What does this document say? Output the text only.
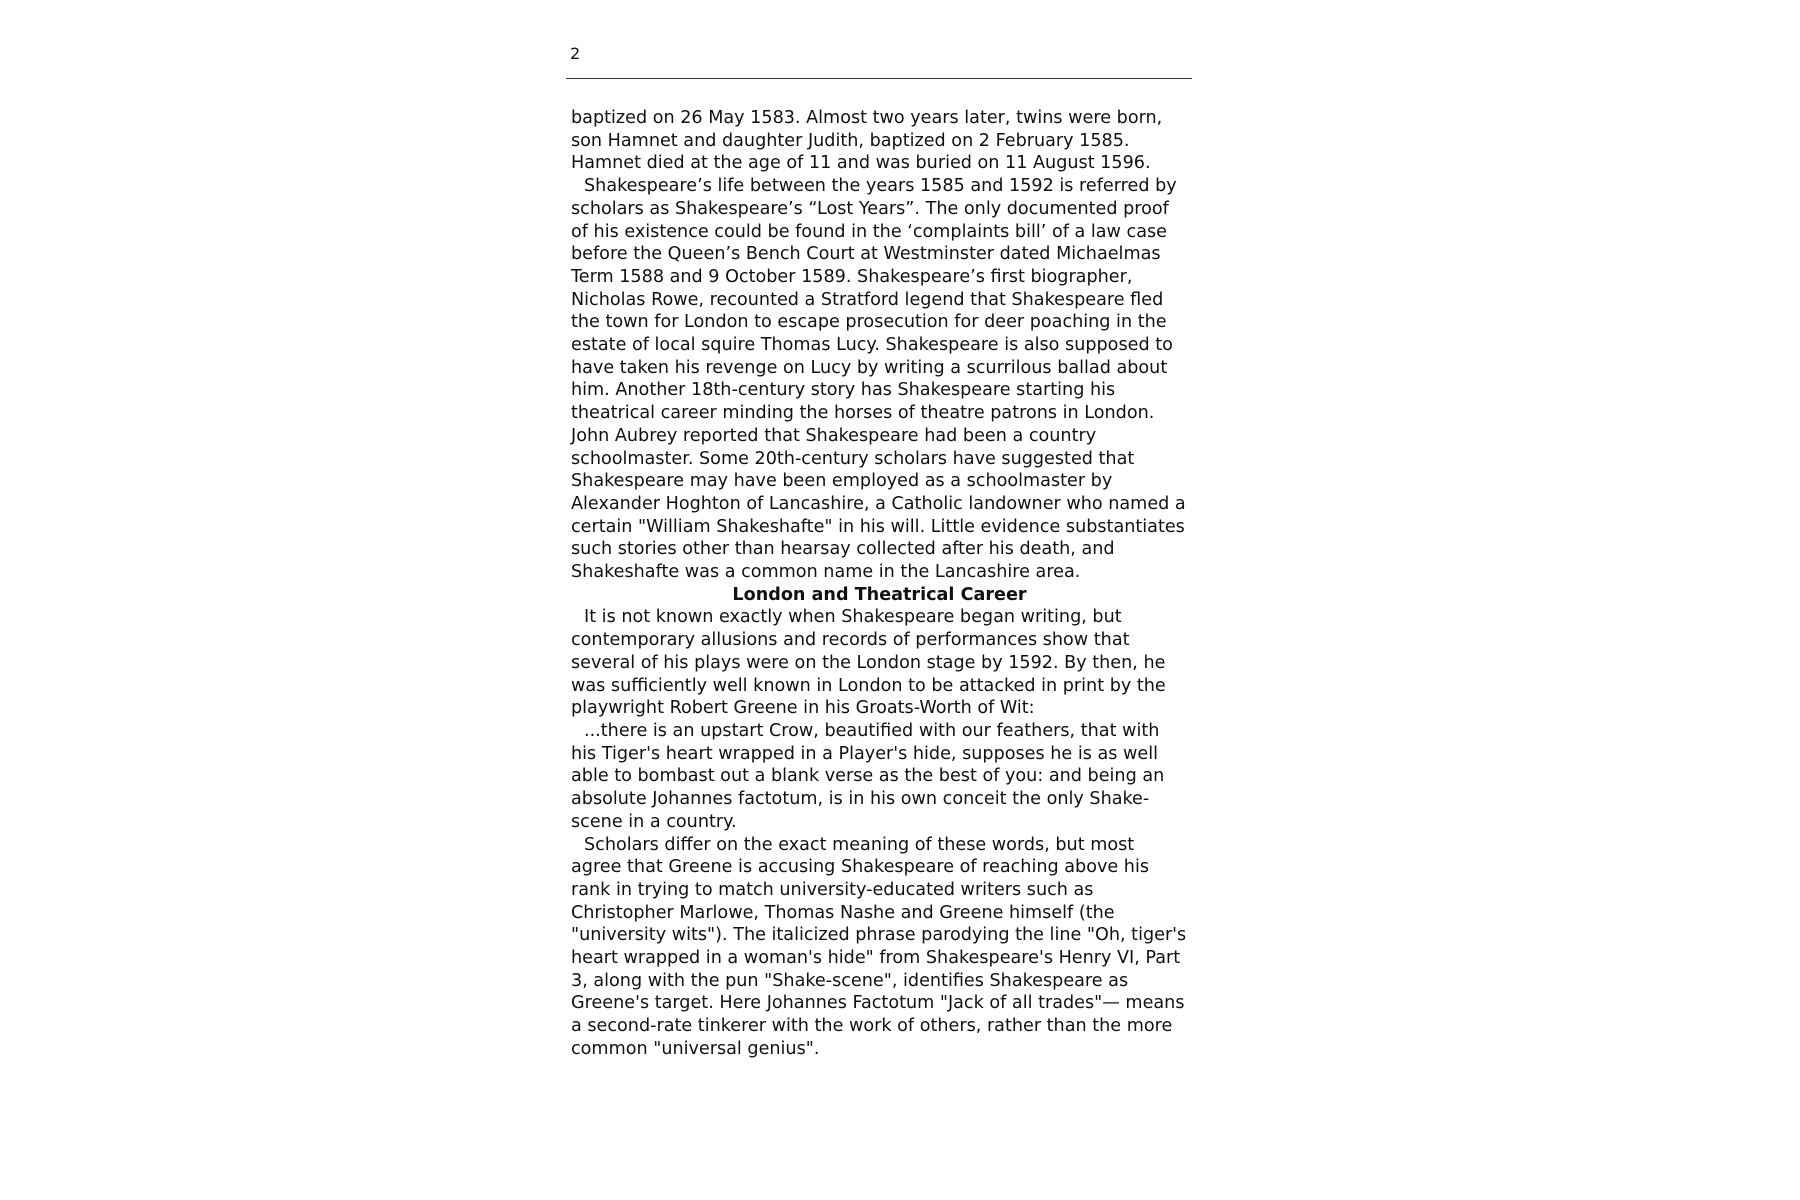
2

baptized on 26 May 1583. Almost two years later, twins were born, son Hamnet and daughter Judith, baptized on 2 February 1585. Hamnet died at the age of 11 and was buried on 11 August 1596.

Shakespeare’s life between the years 1585 and 1592 is referred by scholars as Shakespeare’s “Lost Years”. The only documented proof of his existence could be found in the ‘complaints bill’ of a law case before the Queen’s Bench Court at Westminster dated Michaelmas Term 1588 and 9 October 1589. Shakespeare’s first biographer, Nicholas Rowe, recounted a Stratford legend that Shakespeare fled the town for London to escape prosecution for deer poaching in the estate of local squire Thomas Lucy. Shakespeare is also supposed to have taken his revenge on Lucy by writing a scurrilous ballad about him. Another 18th-century story has Shakespeare starting his theatrical career minding the horses of theatre patrons in London. John Aubrey reported that Shakespeare had been a country schoolmaster. Some 20th-century scholars have suggested that Shakespeare may have been employed as a schoolmaster by Alexander Hoghton of Lancashire, a Catholic landowner who named a certain "William Shakeshafte" in his will. Little evidence substantiates such stories other than hearsay collected after his death, and Shakeshafte was a common name in the Lancashire area.

London and Theatrical Career

It is not known exactly when Shakespeare began writing, but contemporary allusions and records of performances show that several of his plays were on the London stage by 1592. By then, he was sufficiently well known in London to be attacked in print by the playwright Robert Greene in his Groats-Worth of Wit:

...there is an upstart Crow, beautified with our feathers, that with his Tiger's heart wrapped in a Player's hide, supposes he is as well able to bombast out a blank verse as the best of you: and being an absolute Johannes factotum, is in his own conceit the only Shake-scene in a country.

Scholars differ on the exact meaning of these words, but most agree that Greene is accusing Shakespeare of reaching above his rank in trying to match university-educated writers such as Christopher Marlowe, Thomas Nashe and Greene himself (the "university wits"). The italicized phrase parodying the line "Oh, tiger's heart wrapped in a woman's hide" from Shakespeare's Henry VI, Part 3, along with the pun "Shake-scene", identifies Shakespeare as Greene's target. Here Johannes Factotum "Jack of all trades"— means a second-rate tinkerer with the work of others, rather than the more common "universal genius".
